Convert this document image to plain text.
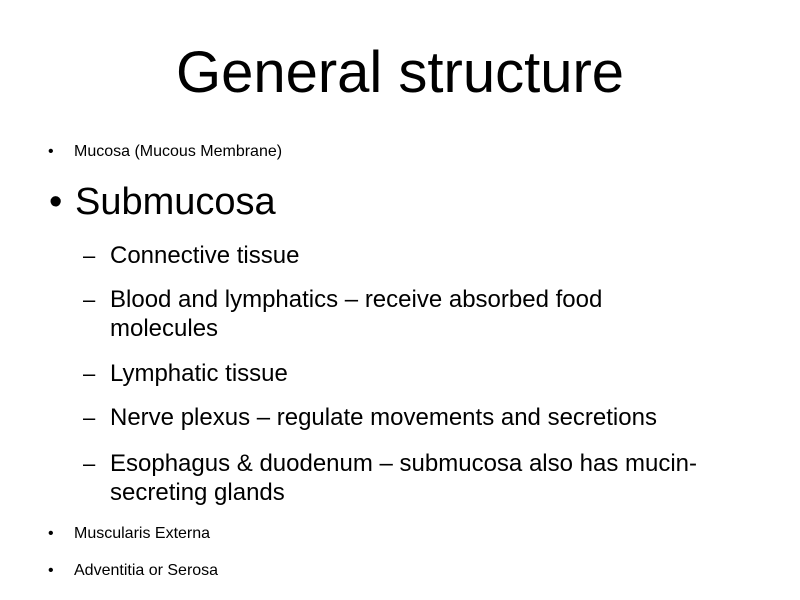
General structure
• Mucosa (Mucous Membrane)
• Submucosa
– Connective tissue
– Blood and lymphatics – receive absorbed food
molecules
– Lymphatic tissue
– Nerve plexus – regulate movements and secretions
– Esophagus & duodenum – submucosa also has mucin-
secreting glands
• Muscularis Externa
• Adventitia or Serosa
